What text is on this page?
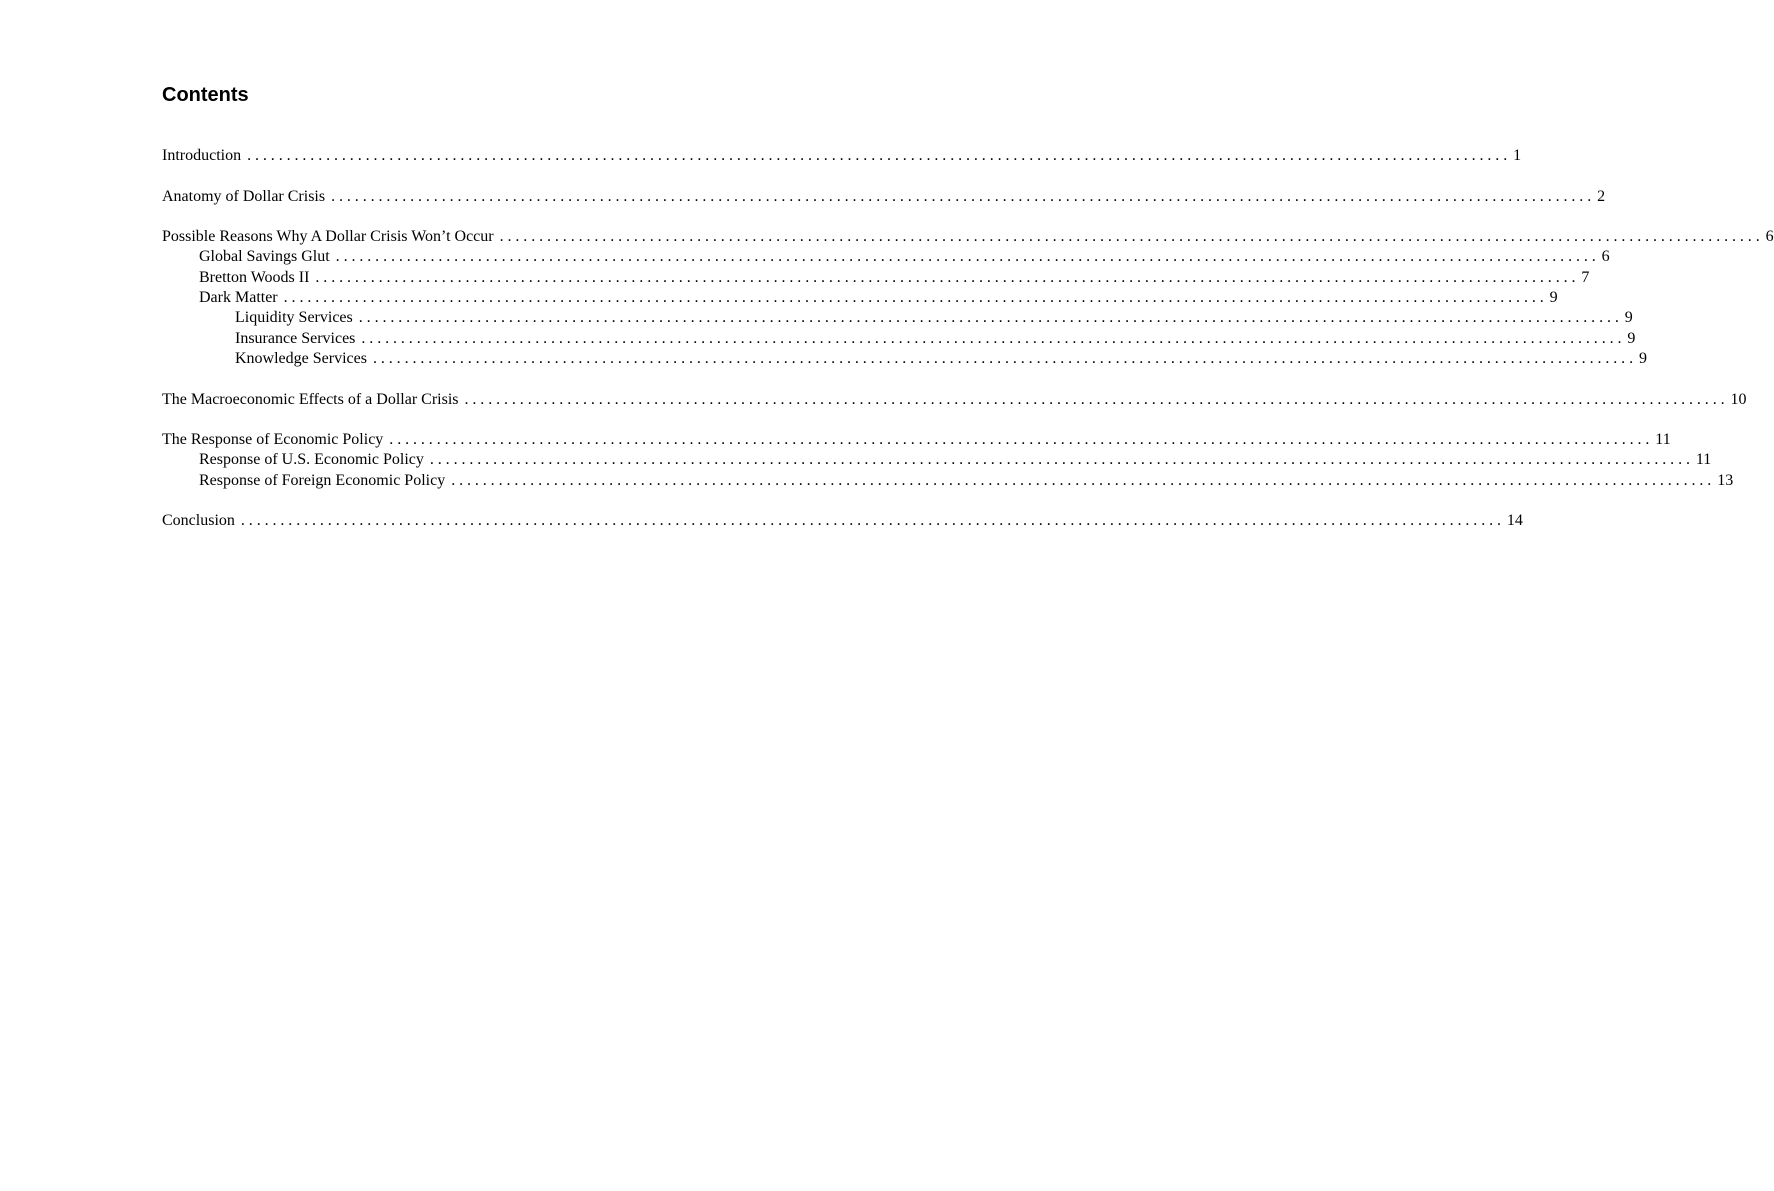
Contents
Introduction ................................................................................................................................................................ 1
Anatomy of Dollar Crisis ................................................................................................................................................................ 2
Possible Reasons Why A Dollar Crisis Won’t Occur ................................................................................................................................................................ 6
Global Savings Glut ................................................................................................................................................................ 6
Bretton Woods II ................................................................................................................................................................ 7
Dark Matter ................................................................................................................................................................ 9
Liquidity Services ................................................................................................................................................................ 9
Insurance Services ................................................................................................................................................................ 9
Knowledge Services ................................................................................................................................................................ 9
The Macroeconomic Effects of a Dollar Crisis ................................................................................................................................................................ 10
The Response of Economic Policy ................................................................................................................................................................ 11
Response of U.S. Economic Policy ................................................................................................................................................................ 11
Response of Foreign Economic Policy ................................................................................................................................................................ 13
Conclusion ................................................................................................................................................................ 14
